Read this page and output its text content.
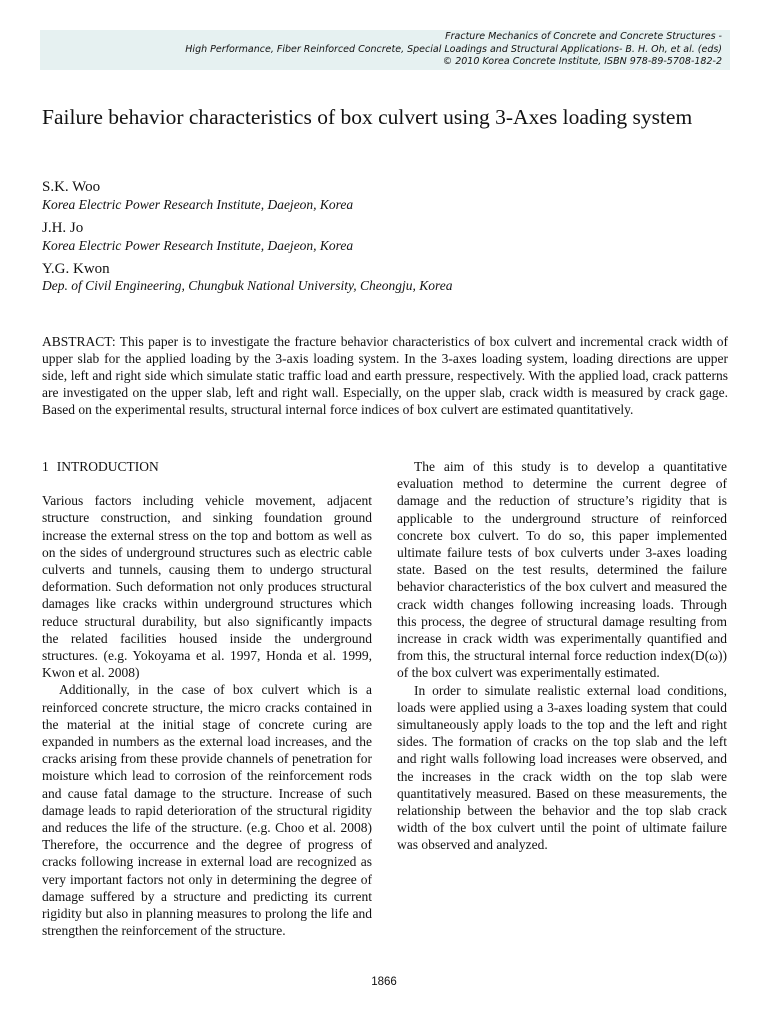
Fracture Mechanics of Concrete and Concrete Structures -
High Performance, Fiber Reinforced Concrete, Special Loadings and Structural Applications- B. H. Oh, et al. (eds)
© 2010 Korea Concrete Institute, ISBN 978-89-5708-182-2
Failure behavior characteristics of box culvert using 3-Axes loading system
S.K. Woo
Korea Electric Power Research Institute, Daejeon, Korea
J.H. Jo
Korea Electric Power Research Institute, Daejeon, Korea
Y.G. Kwon
Dep. of Civil Engineering, Chungbuk National University, Cheongju, Korea

ABSTRACT: This paper is to investigate the fracture behavior characteristics of box culvert and incremental crack width of upper slab for the applied loading by the 3-axis loading system. In the 3-axes loading system, loading directions are upper side, left and right side which simulate static traffic load and earth pressure, respectively. With the applied load, crack patterns are investigated on the upper slab, left and right wall. Especially, on the upper slab, crack width is measured by crack gage. Based on the experimental results, structural internal force indices of box culvert are estimated quantitatively.

1 INTRODUCTION

Various factors including vehicle movement, adjacent structure construction, and sinking foundation ground increase the external stress on the top and bottom as well as on the sides of underground structures such as electric cable culverts and tunnels, causing them to undergo structural deformation. Such deformation not only produces structural damages like cracks within underground structures which reduce structural durability, but also significantly impacts the related facilities housed inside the underground structures. (e.g. Yokoyama et al. 1997, Honda et al. 1999, Kwon et al. 2008)

Additionally, in the case of box culvert which is a reinforced concrete structure, the micro cracks contained in the material at the initial stage of concrete curing are expanded in numbers as the external load increases, and the cracks arising from these provide channels of penetration for moisture which lead to corrosion of the reinforcement rods and cause fatal damage to the structure. Increase of such damage leads to rapid deterioration of the structural rigidity and reduces the life of the structure. (e.g. Choo et al. 2008) Therefore, the occurrence and the degree of progress of cracks following increase in external load are recognized as very important factors not only in determining the degree of damage suffered by a structure and predicting its current rigidity but also in planning measures to prolong the life and strengthen the reinforcement of the structure.

The aim of this study is to develop a quantitative evaluation method to determine the current degree of damage and the reduction of structure’s rigidity that is applicable to the underground structure of reinforced concrete box culvert. To do so, this paper implemented ultimate failure tests of box culverts under 3-axes loading state. Based on the test results, determined the failure behavior characteristics of the box culvert and measured the crack width changes following increasing loads. Through this process, the degree of structural damage resulting from increase in crack width was experimentally quantified and from this, the structural internal force reduction index(D(ω)) of the box culvert was experimentally estimated.

In order to simulate realistic external load conditions, loads were applied using a 3-axes loading system that could simultaneously apply loads to the top and the left and right sides. The formation of cracks on the top slab and the left and right walls following load increases were observed, and the increases in the crack width on the top slab were quantitatively measured. Based on these measurements, the relationship between the behavior and the top slab crack width of the box culvert until the point of ultimate failure was observed and analyzed.

1866
